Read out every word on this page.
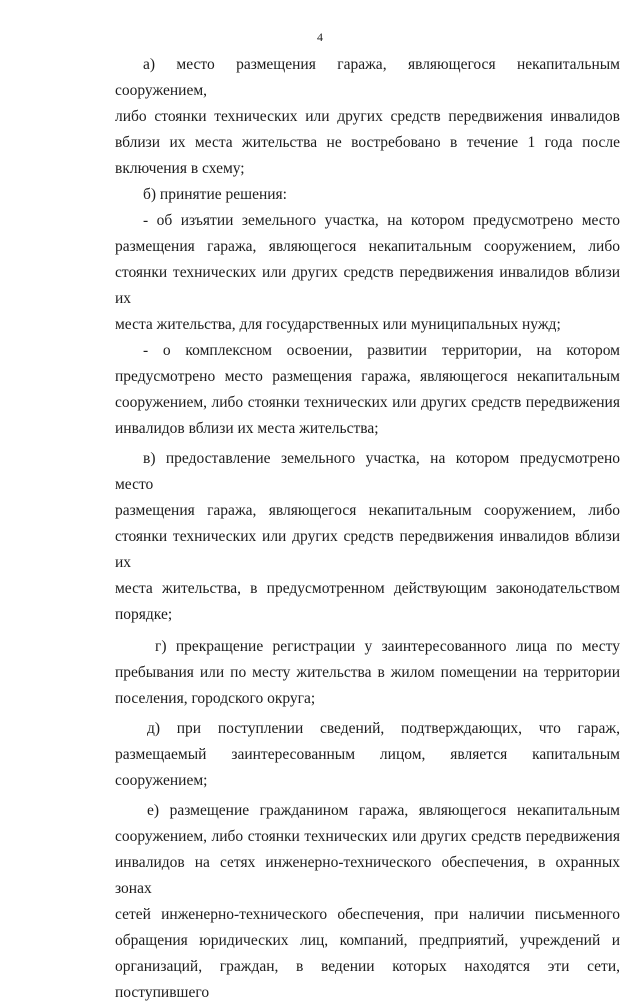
4
а) место размещения гаража, являющегося некапитальным сооружением,
либо стоянки технических или других средств передвижения инвалидов
вблизи их места жительства не востребовано в течение 1 года после
включения в схему;
б) принятие решения:
- об изъятии земельного участка, на котором предусмотрено место
размещения гаража, являющегося некапитальным сооружением, либо
стоянки технических или других средств передвижения инвалидов вблизи их
места жительства, для государственных или муниципальных нужд;
- о комплексном освоении, развитии территории, на котором
предусмотрено место размещения гаража, являющегося некапитальным
сооружением, либо стоянки технических или других средств передвижения
инвалидов вблизи их места жительства;
в) предоставление земельного участка, на котором предусмотрено место
размещения гаража, являющегося некапитальным сооружением, либо
стоянки технических или других средств передвижения инвалидов вблизи их
места жительства, в предусмотренном действующим законодательством
порядке;
г) прекращение регистрации у заинтересованного лица по месту
пребывания или по месту жительства в жилом помещении на территории
поселения, городского округа;
д) при поступлении сведений, подтверждающих, что гараж,
размещаемый заинтересованным лицом, является капитальным
сооружением;
е) размещение гражданином гаража, являющегося некапитальным
сооружением, либо стоянки технических или других средств передвижения
инвалидов на сетях инженерно-технического обеспечения, в охранных зонах
сетей инженерно-технического обеспечения, при наличии письменного
обращения юридических лиц, компаний, предприятий, учреждений и
организаций, граждан, в ведении которых находятся эти сети, поступившего
